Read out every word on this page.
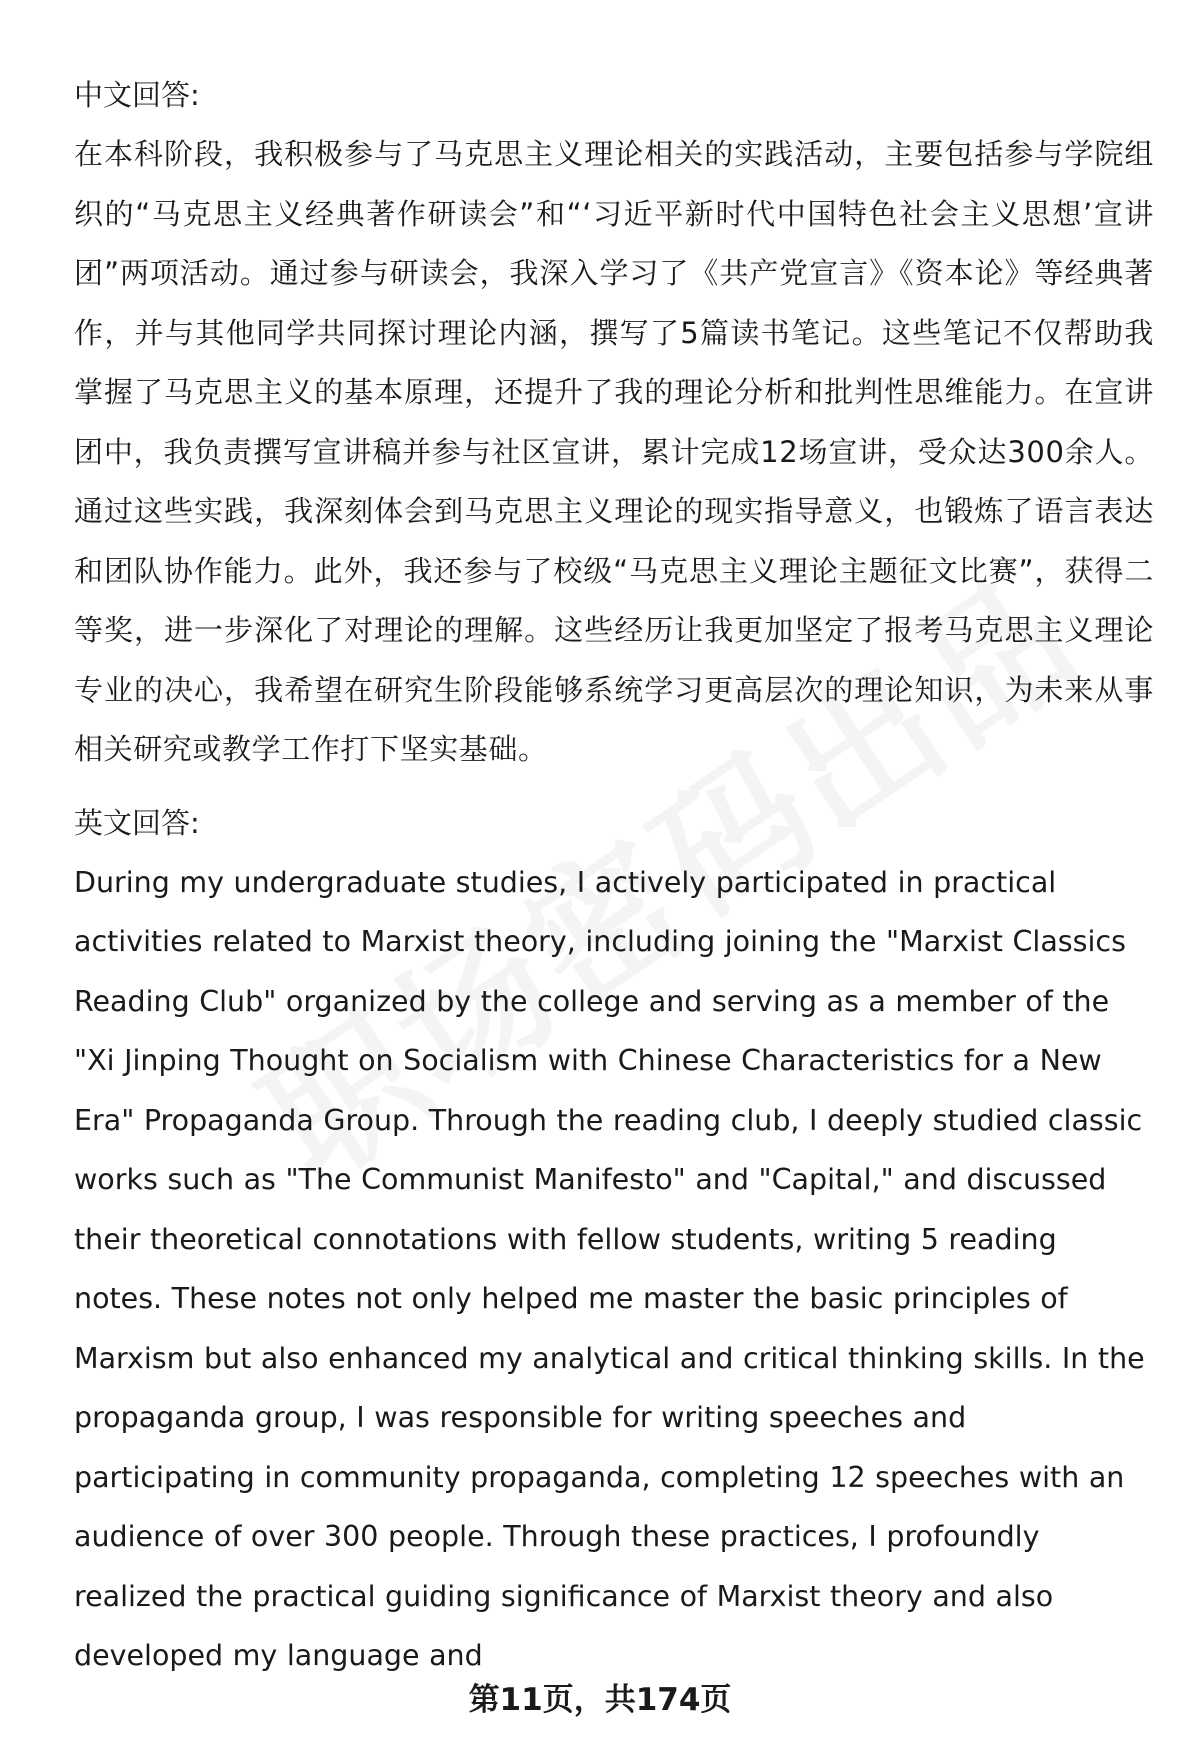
中文回答:

在本科阶段，我积极参与了马克思主义理论相关的实践活动，主要包括参与学院组织的“马克思主义经典著作研读会”和“‘习近平新时代中国特色社会主义思想’宣讲团”两项活动。通过参与研读会，我深入学习了《共产党宣言》《资本论》等经典著作，并与其他同学共同探讨理论内涵，撰写了5篇读书笔记。这些笔记不仅帮助我掌握了马克思主义的基本原理，还提升了我的理论分析和批判性思维能力。在宣讲团中，我负责撰写宣讲稿并参与社区宣讲，累计完成12场宣讲，受众达300余人。通过这些实践，我深刻体会到马克思主义理论的现实指导意义，也锻炼了语言表达和团队协作能力。此外，我还参与了校级“马克思主义理论主题征文比赛”，获得二等奖，进一步深化了对理论的理解。这些经历让我更加坚定了报考马克思主义理论专业的决心，我希望在研究生阶段能够系统学习更高层次的理论知识，为未来从事相关研究或教学工作打下坚实基础。

英文回答:

During my undergraduate studies, I actively participated in practical activities related to Marxist theory, including joining the "Marxist Classics Reading Club" organized by the college and serving as a member of the "Xi Jinping Thought on Socialism with Chinese Characteristics for a New Era" Propaganda Group. Through the reading club, I deeply studied classic works such as "The Communist Manifesto" and "Capital," and discussed their theoretical connotations with fellow students, writing 5 reading notes. These notes not only helped me master the basic principles of Marxism but also enhanced my analytical and critical thinking skills. In the propaganda group, I was responsible for writing speeches and participating in community propaganda, completing 12 speeches with an audience of over 300 people. Through these practices, I profoundly realized the practical guiding significance of Marxist theory and also developed my language and

第11页，共174页
